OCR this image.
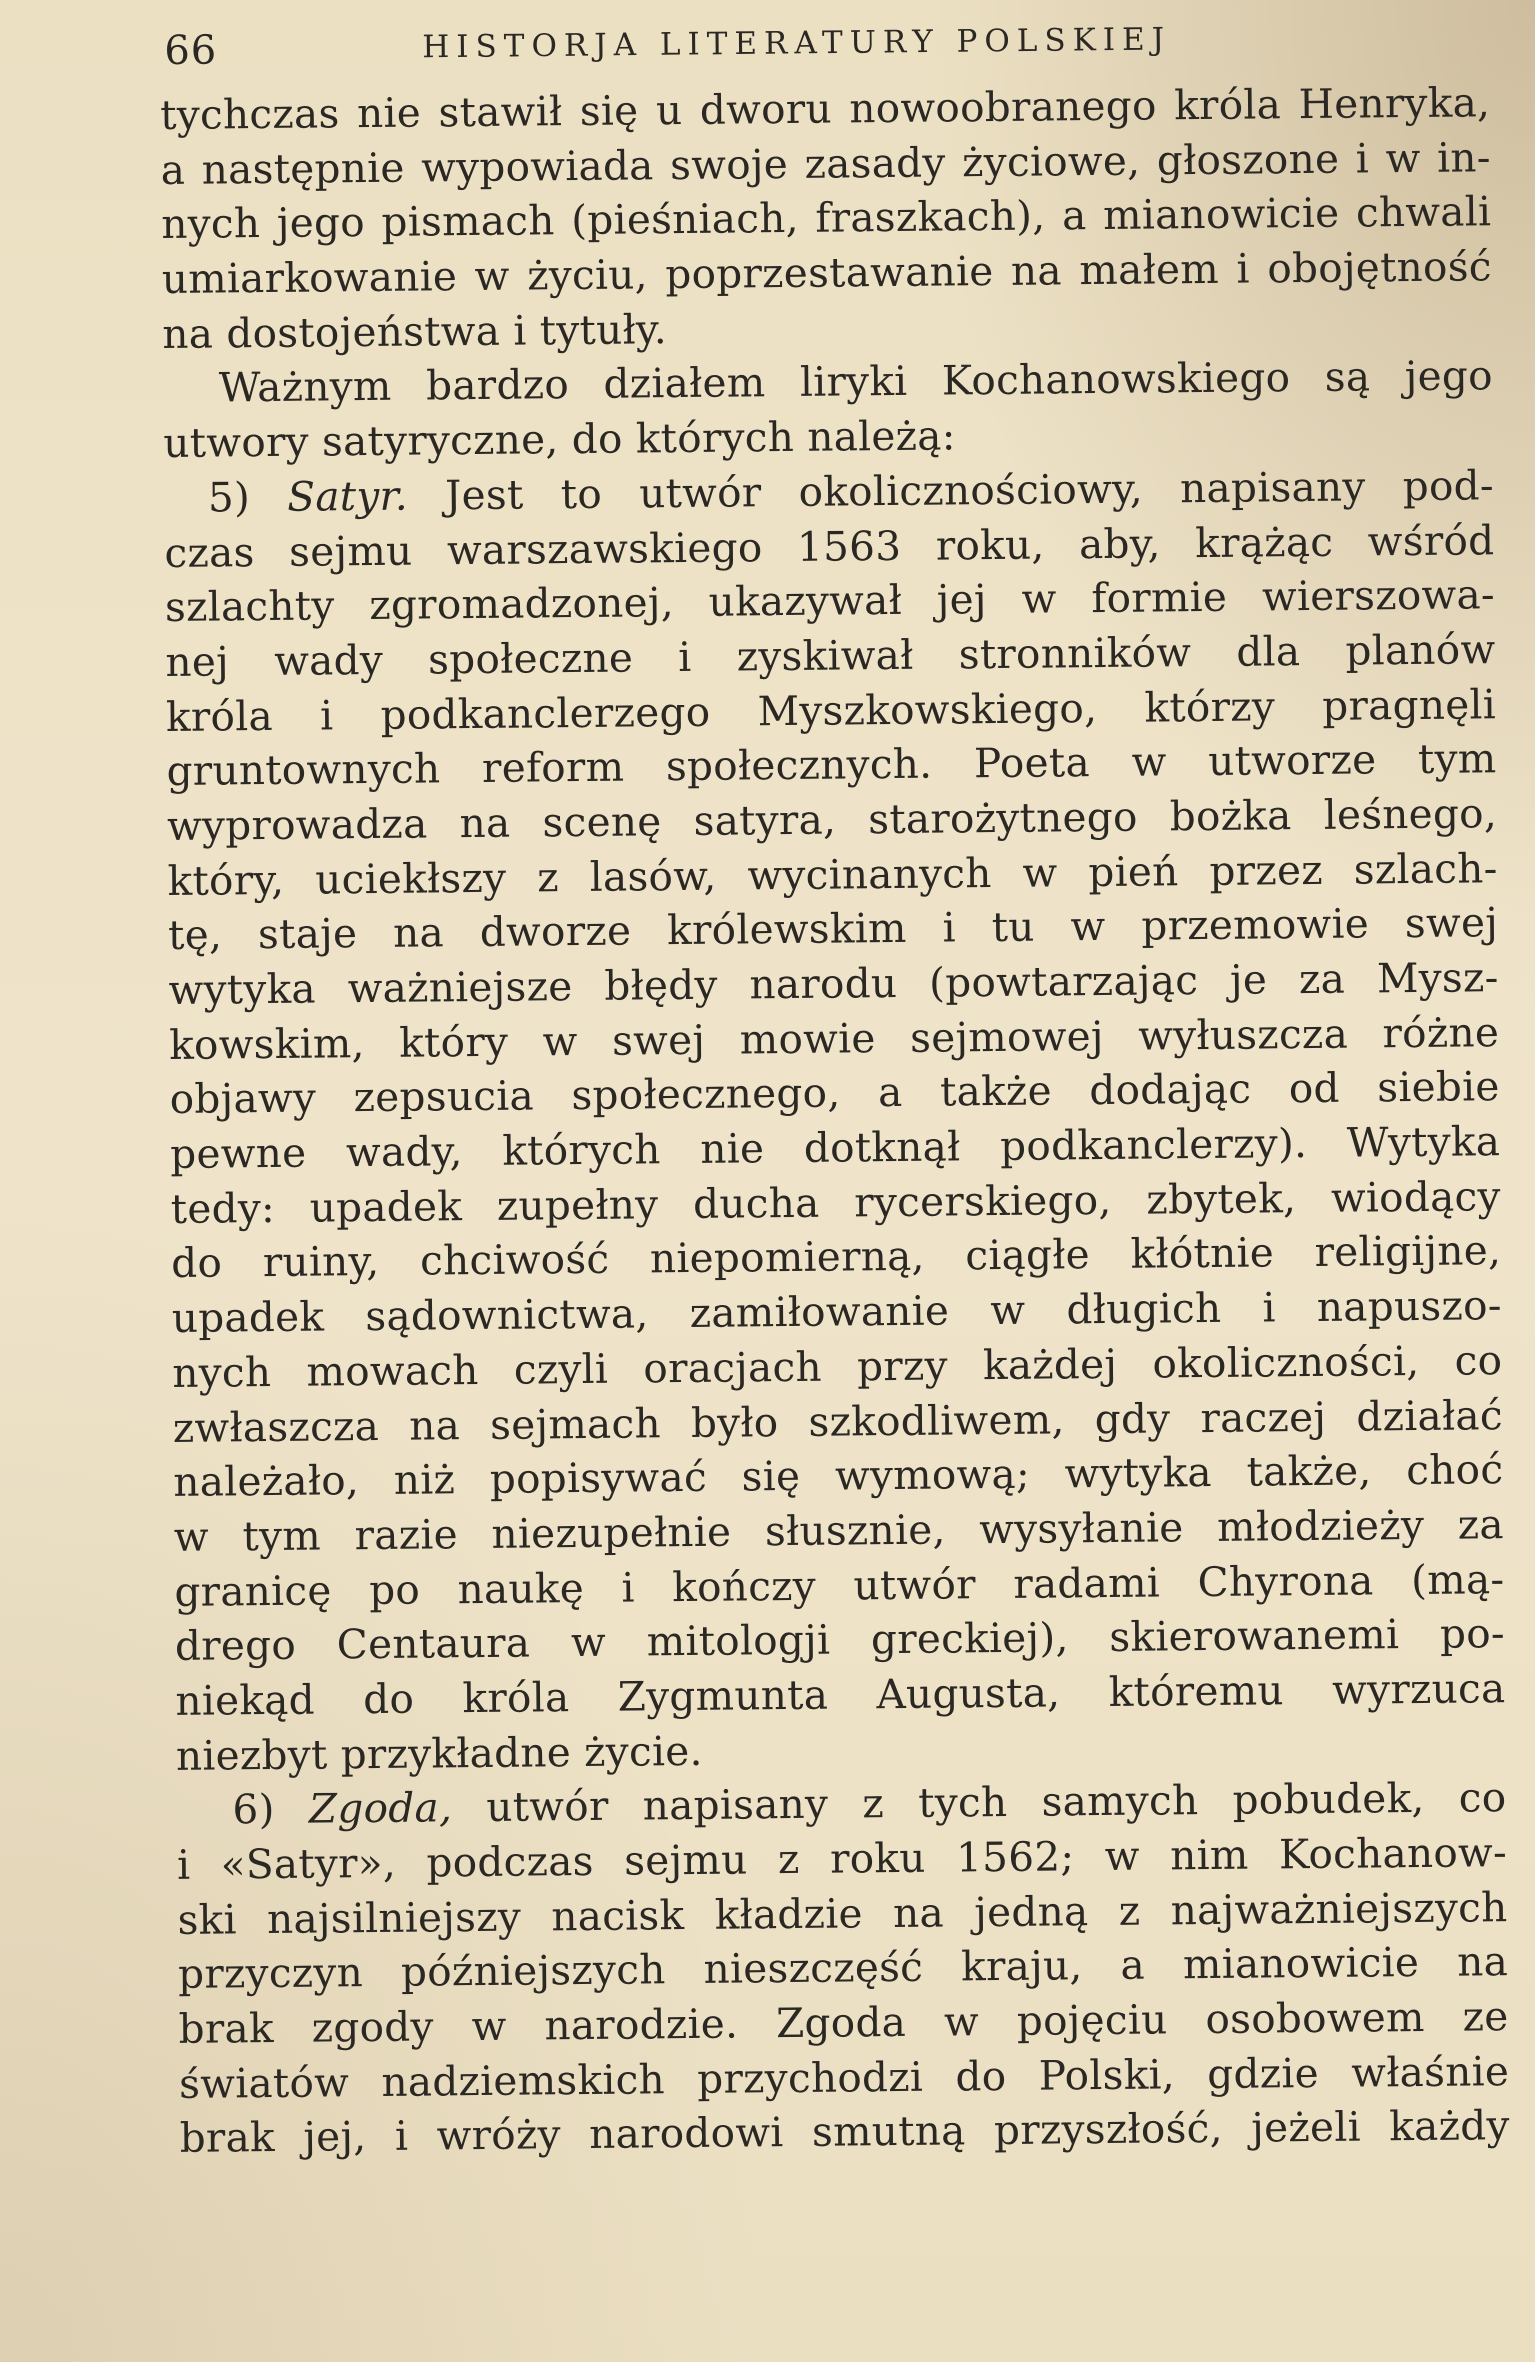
66	HISTORJA LITERATURY POLSKIEJ
tychczas nie stawił się u dworu nowoobranego króla Henryka,
a następnie wypowiada swoje zasady życiowe, głoszone i w in-
nych jego pismach (pieśniach, fraszkach), a mianowicie chwali
umiarkowanie w życiu, poprzestawanie na małem i obojętność
na dostojeństwa i tytuły.
Ważnym bardzo działem liryki Kochanowskiego są jego
utwory satyryczne, do których należą:
5) Satyr. Jest to utwór okolicznościowy, napisany pod-
czas sejmu warszawskiego 1563 roku, aby, krążąc wśród
szlachty zgromadzonej, ukazywał jej w formie wierszowa-
nej wady społeczne i zyskiwał stronników dla planów
króla i podkanclerzego Myszkowskiego, którzy pragnęli
gruntownych reform społecznych. Poeta w utworze tym
wyprowadza na scenę satyra, starożytnego bożka leśnego,
który, uciekłszy z lasów, wycinanych w pień przez szlach-
tę, staje na dworze królewskim i tu w przemowie swej
wytyka ważniejsze błędy narodu (powtarzając je za Mysz-
kowskim, który w swej mowie sejmowej wyłuszcza różne
objawy zepsucia społecznego, a także dodając od siebie
pewne wady, których nie dotknął podkanclerzy). Wytyka
tedy: upadek zupełny ducha rycerskiego, zbytek, wiodący
do ruiny, chciwość niepomierną, ciągłe kłótnie religijne,
upadek sądownictwa, zamiłowanie w długich i napuszo-
nych mowach czyli oracjach przy każdej okoliczności, co
zwłaszcza na sejmach było szkodliwem, gdy raczej działać
należało, niż popisywać się wymową; wytyka także, choć
w tym razie niezupełnie słusznie, wysyłanie młodzieży za
granicę po naukę i kończy utwór radami Chyrona (mą-
drego Centaura w mitologji greckiej), skierowanemi po-
niekąd do króla Zygmunta Augusta, któremu wyrzuca
niezbyt przykładne życie.
6) Zgoda, utwór napisany z tych samych pobudek, co
i «Satyr», podczas sejmu z roku 1562; w nim Kochanow-
ski najsilniejszy nacisk kładzie na jedną z najważniejszych
przyczyn późniejszych nieszczęść kraju, a mianowicie na
brak zgody w narodzie. Zgoda w pojęciu osobowem ze
światów nadziemskich przychodzi do Polski, gdzie właśnie
brak jej, i wróży narodowi smutną przyszłość, jeżeli każdy
